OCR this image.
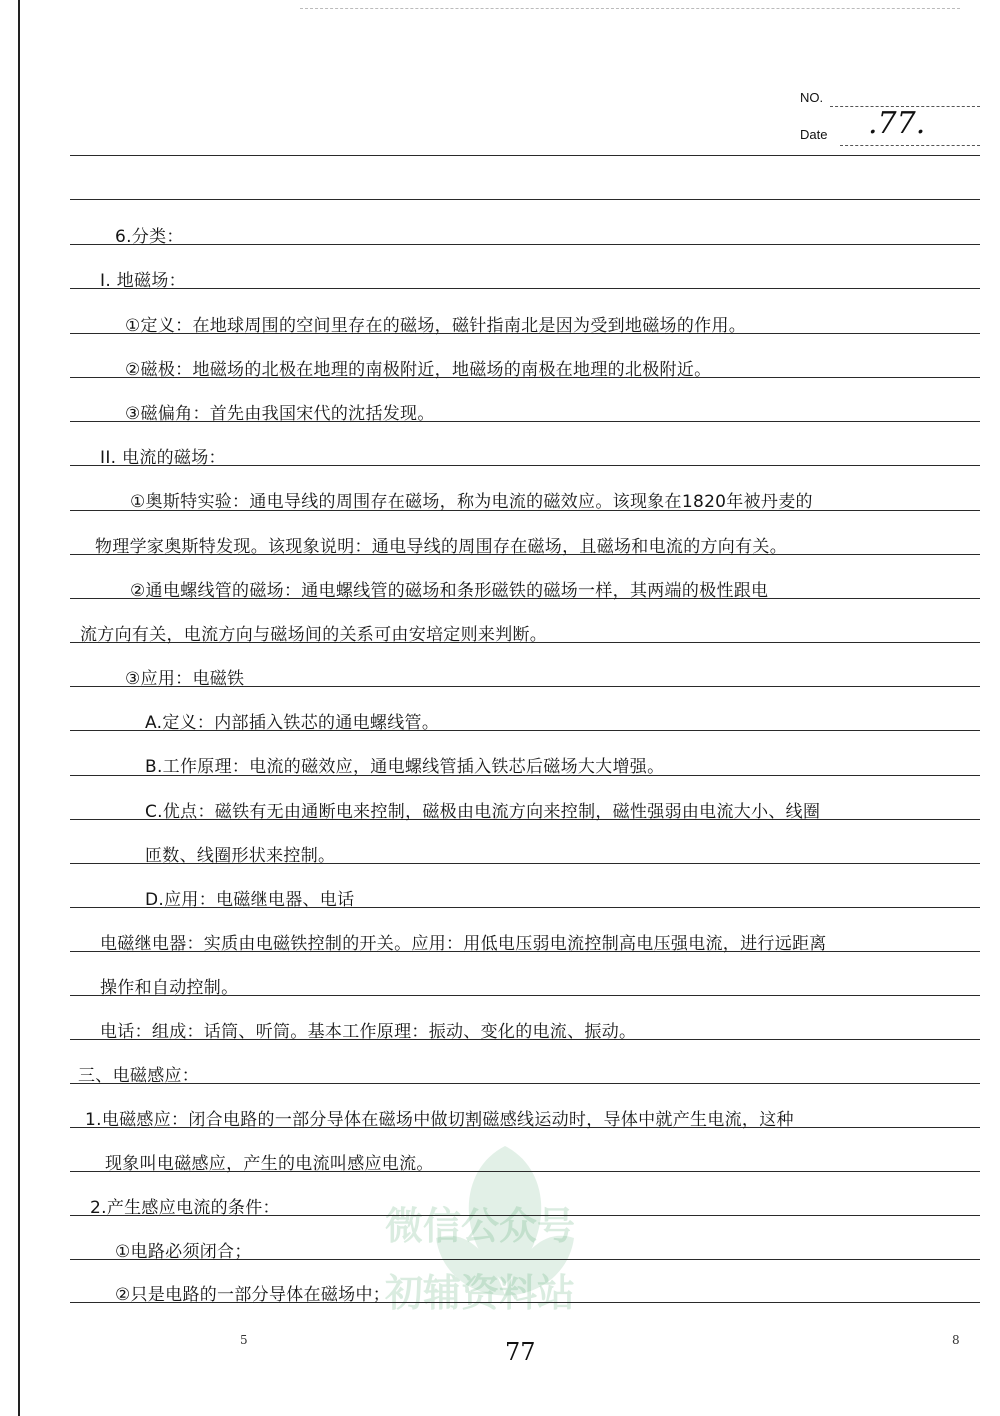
NO.
Date .77.
微信公众号
初辅资料站
6.分类：
I. 地磁场：
①定义：在地球周围的空间里存在的磁场，磁针指南北是因为受到地磁场的作用。
②磁极：地磁场的北极在地理的南极附近，地磁场的南极在地理的北极附近。
③磁偏角：首先由我国宋代的沈括发现。
II. 电流的磁场：
①奥斯特实验：通电导线的周围存在磁场，称为电流的磁效应。该现象在1820年被丹麦的
物理学家奥斯特发现。该现象说明：通电导线的周围存在磁场，且磁场和电流的方向有关。
②通电螺线管的磁场：通电螺线管的磁场和条形磁铁的磁场一样，其两端的极性跟电
流方向有关，电流方向与磁场间的关系可由安培定则来判断。
③应用：电磁铁
A.定义：内部插入铁芯的通电螺线管。
B.工作原理：电流的磁效应，通电螺线管插入铁芯后磁场大大增强。
C.优点：磁铁有无由通断电来控制，磁极由电流方向来控制，磁性强弱由电流大小、线圈
匝数、线圈形状来控制。
D.应用：电磁继电器、电话
电磁继电器：实质由电磁铁控制的开关。应用：用低电压弱电流控制高电压强电流，进行远距离
操作和自动控制。
电话：组成：话筒、听筒。基本工作原理：振动、变化的电流、振动。
三、电磁感应：
1.电磁感应：闭合电路的一部分导体在磁场中做切割磁感线运动时，导体中就产生电流，这种
现象叫电磁感应，产生的电流叫感应电流。
2.产生感应电流的条件：
①电路必须闭合；
②只是电路的一部分导体在磁场中；
5	77	8
